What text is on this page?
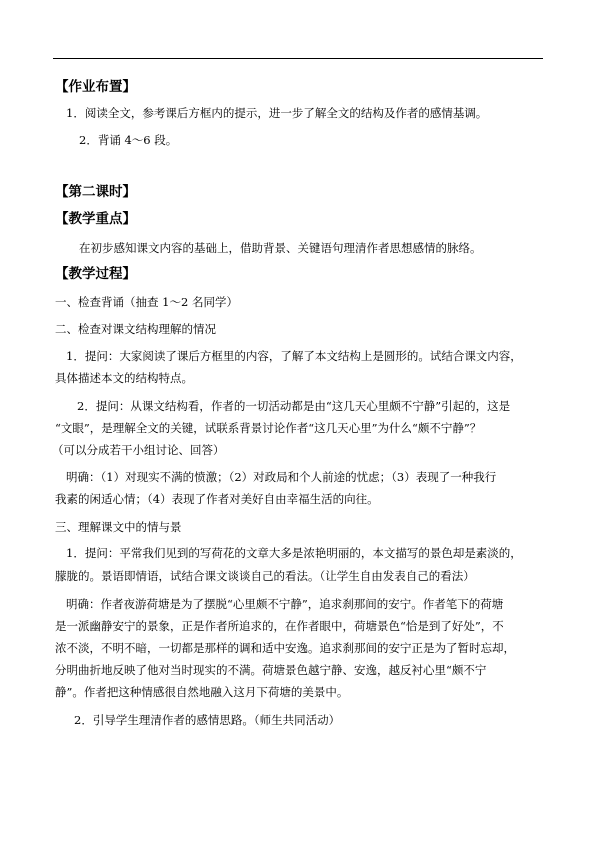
【作业布置】
1．阅读全文，参考课后方框内的提示，进一步了解全文的结构及作者的感情基调。
2．背诵 4～6 段。
【第二课时】
【教学重点】
在初步感知课文内容的基础上，借助背景、关键语句理清作者思想感情的脉络。
【教学过程】
一、检查背诵（抽查 1～2 名同学）
二、检查对课文结构理解的情况
1．提问：大家阅读了课后方框里的内容，了解了本文结构上是圆形的。试结合课文内容，
具体描述本文的结构特点。
2．提问：从课文结构看，作者的一切活动都是由“这几天心里颇不宁静”引起的，这是
“文眼”，是理解全文的关键，试联系背景讨论作者“这几天心里”为什么“颇不宁静”？
（可以分成若干小组讨论、回答）
明确：（1）对现实不满的愤激；（2）对政局和个人前途的忧虑；（3）表现了一种我行
我素的闲适心情；（4）表现了作者对美好自由幸福生活的向往。
三、理解课文中的情与景
1．提问：平常我们见到的写荷花的文章大多是浓艳明丽的，本文描写的景色却是素淡的，
朦胧的。景语即情语，试结合课文谈谈自己的看法。（让学生自由发表自己的看法）
明确：作者夜游荷塘是为了摆脱“心里颇不宁静”，追求刹那间的安宁。作者笔下的荷塘
是一派幽静安宁的景象，正是作者所追求的，在作者眼中，荷塘景色“恰是到了好处”，不
浓不淡，不明不暗，一切都是那样的调和适中安逸。追求刹那间的安宁正是为了暂时忘却，
分明曲折地反映了他对当时现实的不满。荷塘景色越宁静、安逸，越反衬心里“颇不宁
静”。作者把这种情感很自然地融入这月下荷塘的美景中。
2．引导学生理清作者的感情思路。（师生共同活动）
